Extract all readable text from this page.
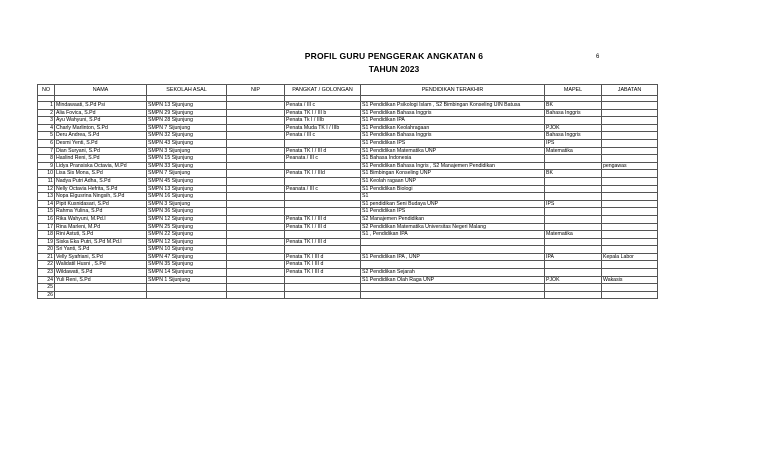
PROFIL GURU PENGGERAK ANGKATAN 6	6
TAHUN 2023
NO	NAMA	SEKOLAH ASAL	NIP	PANGKAT / GOLONGAN	PENDIDIKAN TERAKHIR	MAPEL	JABATAN

1	Mindawaati, S.Pd Psi	SMPN 13 Sijunjung		Penata / III c	S1 Pendidikan Psikologi Islam , S2 Bimbingan Konseling UIN Batusa	BK	
2	Alia Fovica, S.Pd	SMPN 29 Sijunjung		Penata TK I / III b	S1 Pendidikan Bahasa Inggris	Bahasa Inggris	
3	Ayu Wahyuni, S.Pd	SMPN 28 Sijunjung		Penata Tk I / IIIb	S1 Pendidikan IPA		
4	Charly Marlinton, S.Pd	SMPN 7 Sijunjung		Penata Muda TK I / IIIb	S1 Pendidikan Keolahragaan	PJOK	
5	Deru Andrea, S.Pd	SMPN 32 Sijunjung		Penata / III c	S1 Pendidikan Bahasa Inggris	Bahasa Inggris	
6	Desmi Yenti, S.Pd	SMPN 43 Sijunjung			S1 Pendidikan IPS	IPS	
7	Dian Suryani, S.Pd	SMPN 3 Sijunjung		Penata TK I / III d	S1 Pendidikan Matematika UNP	Matematika	
8	Haslind Reni, S.Pd	SMPN 15 Sijunjung		Peanata / III c	S1 Bahasa Indonesia		
9	Lidya Pransiska Octavia, M.Pd	SMPN 33 Sijunjung			S1 Pendidikan Bahasa Ingris , S2 Manajemen Pendidikan		pengawas
10	Lisa Sis Mona, S.Pd	SMPN 7 Sijunjung		Penata TK I / IIId	S1 Bimbingan Konseling UNP	BK	
11	Nadya Putri Adha, S.Pd	SMPN 45 Sijunjung			S1 Keolah ragaan UNP		
12	Nelly Octavia Hefrita, S.Pd	SMPN 13 Sijunjung		Peanata / III c	S1 Pendidikan Biologi		
13	Nopa Elgusrina Ningsih, S.Pd	SMPN 16 Sijunjung			S1		
14	Pipit Kusnidasari, S.Pd	SMPN 3 Sijunjung			S1 pendidikan Seni Budaya UNP	IPS	
15	Rahma Yulina, S.Pd	SMPN 36 Sijunjung			S1 Pendidikan IPS		
16	Rika Wahyuni, M.Pd.I	SMPN 12 Sijunjung		Penata TK I / III d	S2 Manajemen Pendidikan		
17	Rina Marleni, M.Pd	SMPN 25 Sijunjung		Penata TK I / III d	S2 Pendidikan Matematika Universitas Negeri Malang		
18	Rini Astuti, S.Pd	SMPN 22 Sijunjung			S1 , Pendidikan IPA	Matematika	
19	Siska Eka Putri, S.Pd M.Pd.I	SMPN 12 Sijunjung		Penata TK I / III d			
20	Sri Yanti, S.Pd	SMPN 10 Sijunjung					
21	Velly Syafriani, S.Pd	SMPN 47 Sijunjung		Penata TK I III d	S1 Pendidikan IPA , UNP	IPA	Kepala Labor
22	Walidatil Husni , S.Pd	SMPN 35 Sijunjung		Penata TK I III d			
23	Wildawati, S.Pd	SMPN 14 Sijunjung		Penata TK I III d	S2 Pendidikan Sejarah		
24	Yuli Reni, S.Pd	SMPN 1 Sijunjung			S1 Pendidikan Olah Raga UNP	PJOK	Wakasis
25							
26							
